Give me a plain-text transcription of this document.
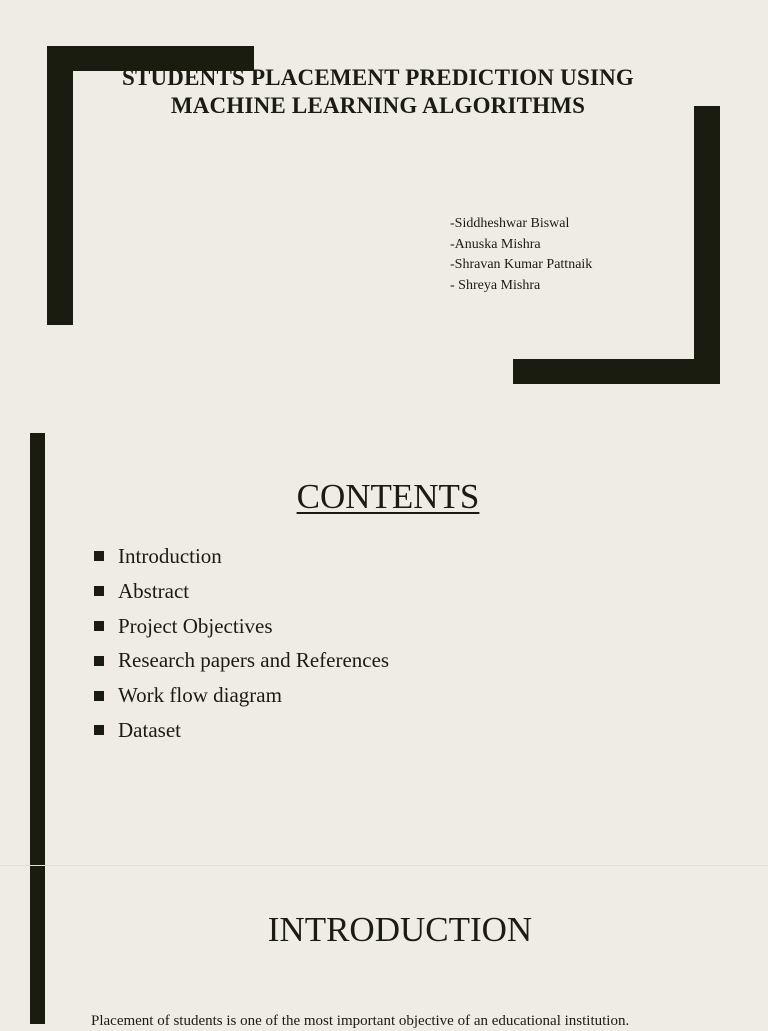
STUDENTS PLACEMENT PREDICTION USING MACHINE LEARNING ALGORITHMS
-Siddheshwar Biswal
-Anuska Mishra
-Shravan Kumar Pattnaik
- Shreya Mishra
CONTENTS
Introduction
Abstract
Project Objectives
Research papers and References
Work flow diagram
Dataset
INTRODUCTION

Placement of students is one of the most important objective of an educational institution.
